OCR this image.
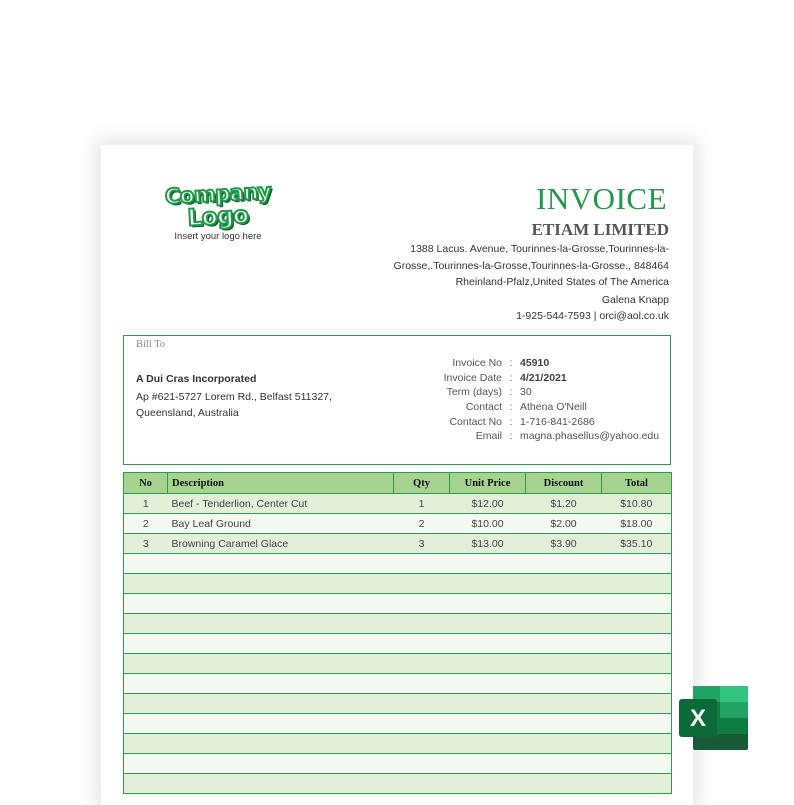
Company
Logo
Insert your logo here
INVOICE
ETIAM LIMITED
1388 Lacus. Avenue, Tourinnes-la-Grosse,Tourinnes-la-
Grosse,.Tourinnes-la-Grosse,Tourinnes-la-Grosse., 848464
Rheinland-Pfalz,United States of The America
Galena Knapp
1-925-544-7593 | orci@aol.co.uk
Bill To
A Dui Cras Incorporated
Ap #621-5727 Lorem Rd., Belfast 511327, Queensland, Australia
Invoice No : 45910
Invoice Date : 4/21/2021
Term (days) : 30
Contact : Athena O'Neill
Contact No : 1-716-841-2686
Email : magna.phasellus@yahoo.edu
No	Description	Qty	Unit Price	Discount	Total
1	Beef - Tenderlion, Center Cut	1	$12.00	$1.20	$10.80
2	Bay Leaf Ground	2	$10.00	$2.00	$18.00
3	Browning Caramel Glace	3	$13.00	$3.90	$35.10

X
